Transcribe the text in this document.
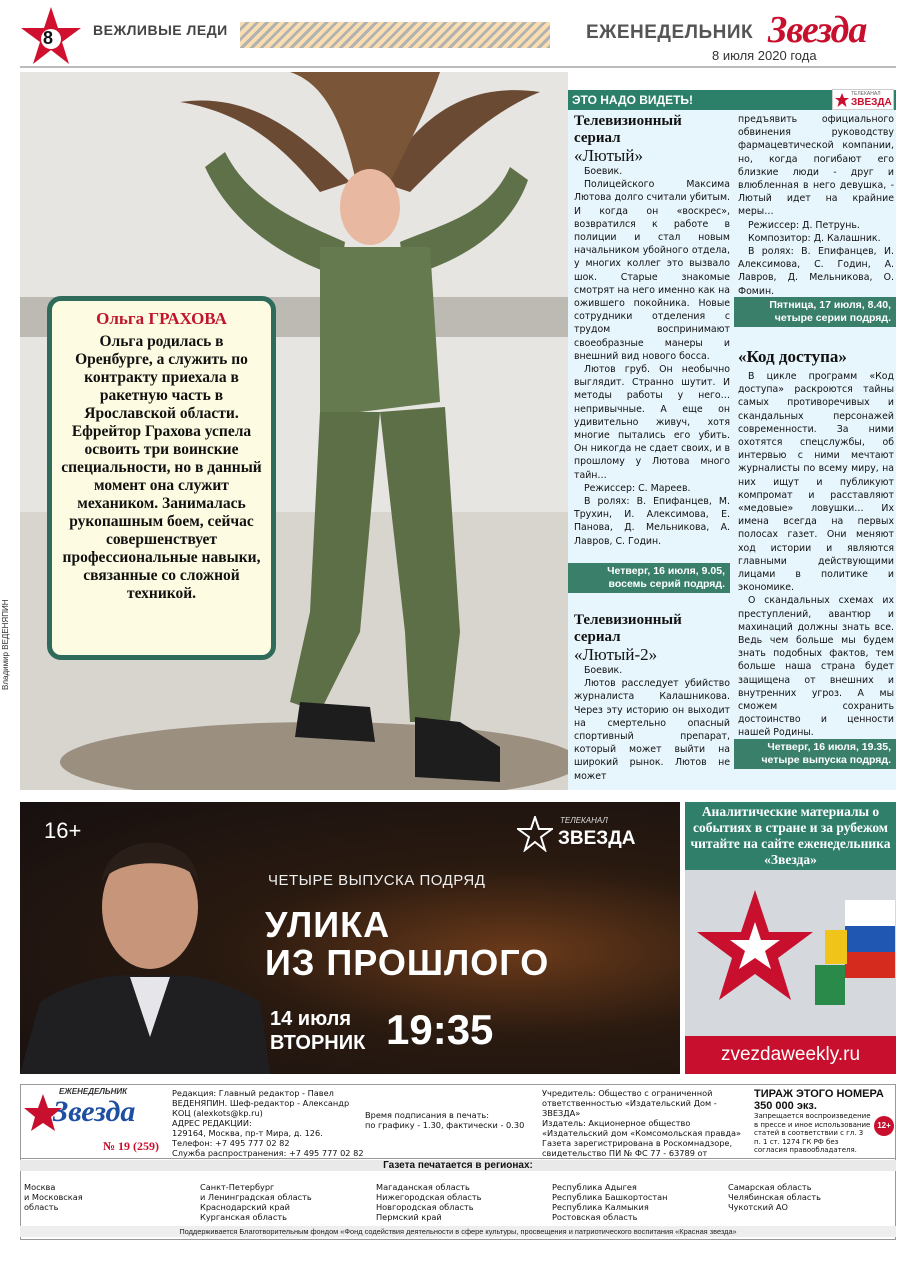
8	ВЕЖЛИВЫЕ ЛЕДИ	ЕЖЕНЕДЕЛЬНИК Звезда
8 июля 2020 года
Владимир ВЕДЕНЯПИН
Ольга ГРАХОВА
Ольга родилась в Оренбурге, а служить по контракту приехала в ракетную часть в Ярославской области. Ефрейтор Грахова успела освоить три воинские специальности, но в данный момент она служит механиком. Занималась рукопашным боем, сейчас совершенствует профессиональные навыки, связанные со сложной техникой.
ЭТО НАДО ВИДЕТЬ!	ТЕЛЕКАНАЛ
ЗВЕЗДА
Телевизионный сериал
«Лютый»

Боевик.

Полицейского Максима Лютова долго считали убитым. И когда он «воскрес», возвратился к работе в полиции и стал новым начальником убойного отдела, у многих коллег это вызвало шок. Старые знакомые смотрят на него именно как на ожившего покойника. Новые сотрудники отделения с трудом воспринимают своеобразные манеры и внешний вид нового босса.

Лютов груб. Он необычно выглядит. Странно шутит. И методы работы у него… непривычные. А еще он удивительно живуч, хотя многие пытались его убить. Он никогда не сдает своих, и в прошлому у Лютова много тайн…

Режиссер: С. Мареев.

В ролях: В. Епифанцев, М. Трухин, И. Алексимова, Е. Панова, Д. Мельникова, А. Лавров, С. Годин.

Четверг, 16 июля, 9.05, восемь серий подряд.
Телевизионный сериал
«Лютый-2»

Боевик.

Лютов расследует убийство журналиста Калашникова. Через эту историю он выходит на смертельно опасный спортивный препарат, который может выйти на широкий рынок. Лютов не может

предъявить официального обвинения руководству фармацевтической компании, но, когда погибают его близкие люди - друг и влюбленная в него девушка, - Лютый идет на крайние меры…

Режиссер: Д. Петрунь.

Композитор: Д. Калашник.

В ролях: В. Епифанцев, И. Алексимова, С. Годин, А. Лавров, Д. Мельникова, О. Фомин.

Пятница, 17 июля, 8.40, четыре серии подряд.
«Код доступа»

В цикле программ «Код доступа» раскроются тайны самых противоречивых и скандальных персонажей современности. За ними охотятся спецслужбы, об интервью с ними мечтают журналисты по всему миру, на них ищут и публикуют компромат и расставляют «медовые» ловушки… Их имена всегда на первых полосах газет. Они меняют ход истории и являются главными действующими лицами в политике и экономике.

О скандальных схемах их преступлений, авантюр и махинаций должны знать все. Ведь чем больше мы будем знать подобных фактов, тем больше наша страна будет защищена от внешних и внутренних угроз. А мы сможем сохранить достоинство и ценности нашей Родины.

Четверг, 16 июля, 19.35, четыре выпуска подряд.
16+	ТЕЛЕКАНАЛ
ЗВЕЗДА
ЧЕТЫРЕ ВЫПУСКА ПОДРЯД
УЛИКА
ИЗ ПРОШЛОГО
14 июля
ВТОРНИК 19:35
Аналитические материалы о событиях в стране и за рубежом читайте на сайте еженедельника «Звезда»
zvezdaweekly.ru
ЕЖЕНЕДЕЛЬНИК
Звезда
№ 19 (259)
Редакция: Главный редактор - Павел ВЕДЕНЯПИН. Шеф-редактор - Александр КОЦ (alexkots@kp.ru)
АДРЕС РЕДАКЦИИ:
129164, Москва, пр-т Мира, д. 126.
Телефон: +7 495 777 02 82
Служба распространения: +7 495 777 02 82
Время подписания в печать:
по графику - 1.30, фактически - 0.30
Учредитель: Общество с ограниченной ответственностью «Издательский Дом - ЗВЕЗДА»
Издатель: Акционерное общество «Издательский дом «Комсомольская правда»
Газета зарегистрирована в Роскомнадзоре, свидетельство ПИ № ФС 77 - 63789 от
ТИРАЖ ЭТОГО НОМЕРА
350 000 экз.
Запрещается воспроизведение в прессе и иное использование статей в соответствии с гл. 3 п. 1 ст. 1274 ГК РФ без согласия правообладателя.
12+
Газета печатается в регионах:
Москва
и Московская
область
Санкт-Петербург
и Ленинградская область
Краснодарский край
Курганская область
Магаданская область
Нижегородская область
Новгородская область
Пермский край
Республика Адыгея
Республика Башкортостан
Республика Калмыкия
Ростовская область
Самарская область
Челябинская область
Чукотский АО
Поддерживается Благотворительным фондом «Фонд содействия деятельности в сфере культуры, просвещения и патриотического воспитания «Красная звезда»
